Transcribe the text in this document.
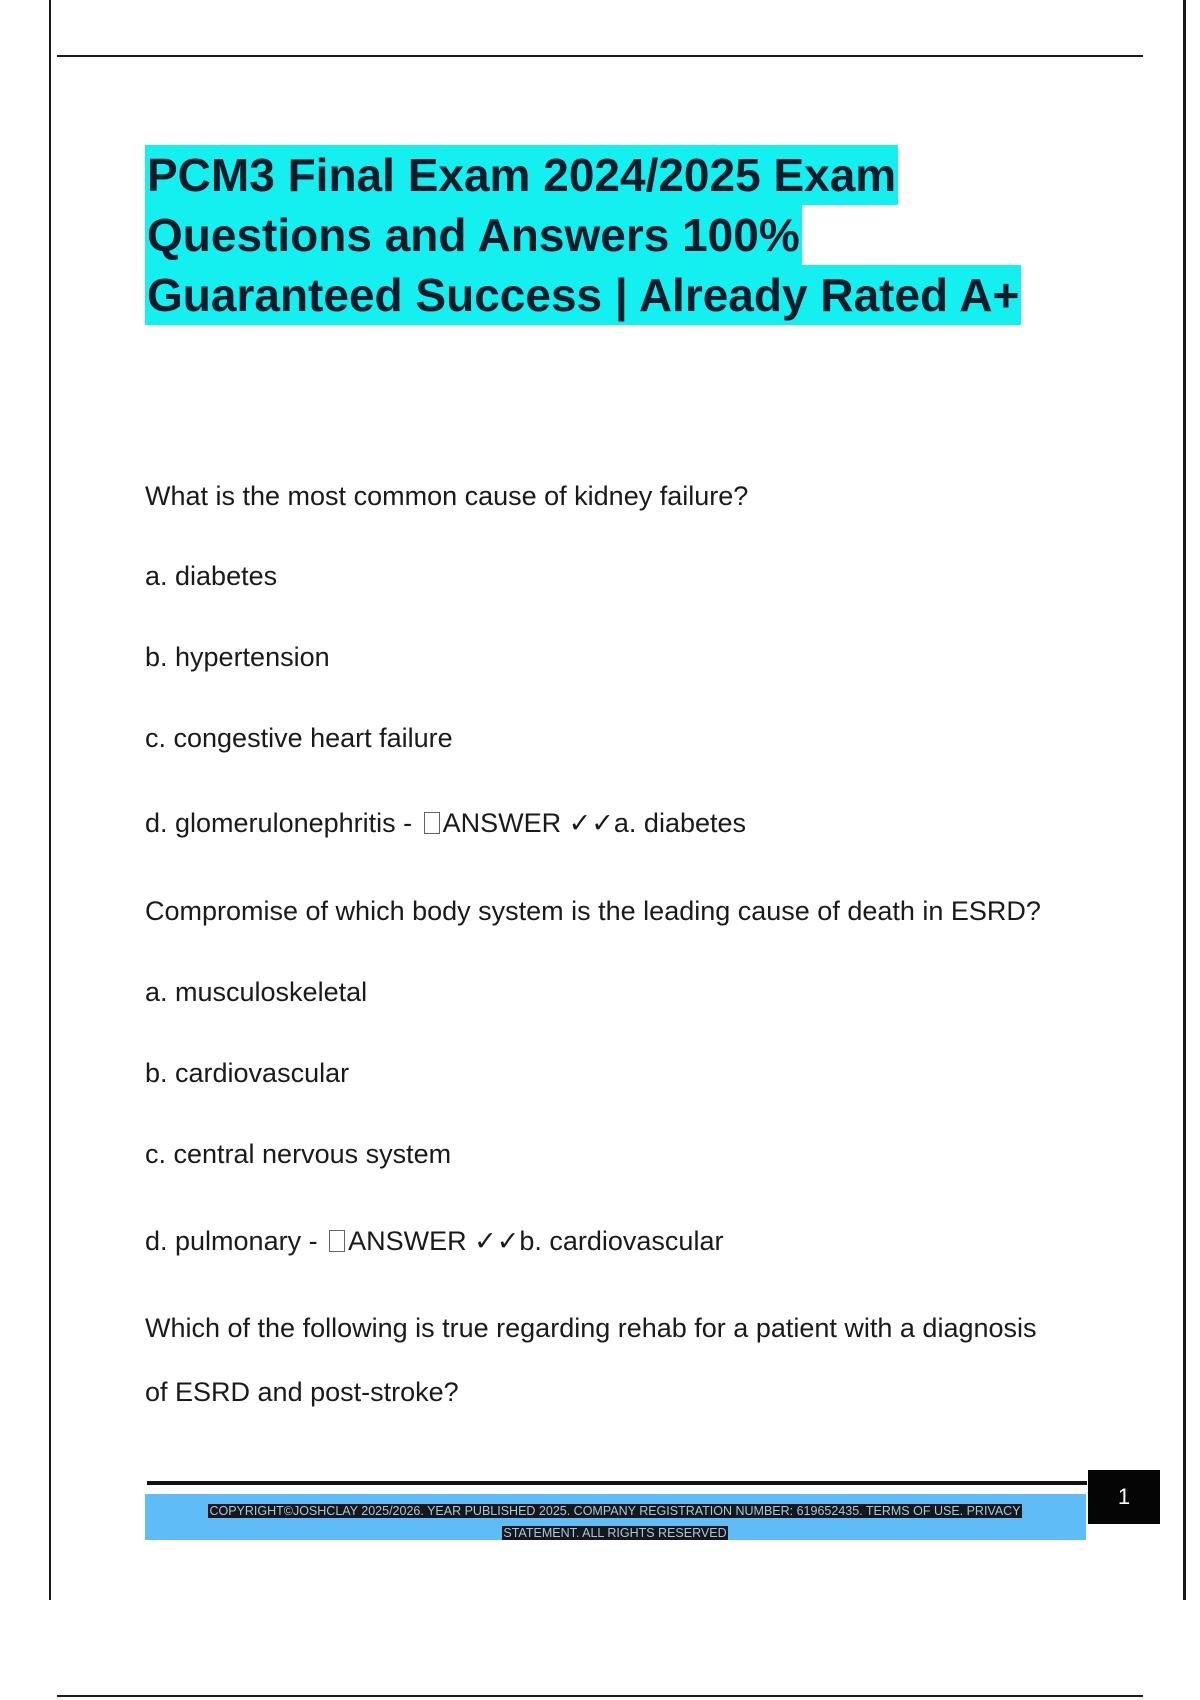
PCM3 Final Exam 2024/2025 Exam
Questions and Answers 100%
Guaranteed Success | Already Rated A+
What is the most common cause of kidney failure?
a. diabetes
b. hypertension
c. congestive heart failure
d. glomerulonephritis - ANSWER ✓✓a. diabetes
Compromise of which body system is the leading cause of death in ESRD?
a. musculoskeletal
b. cardiovascular
c. central nervous system
d. pulmonary - ANSWER ✓✓b. cardiovascular
Which of the following is true regarding rehab for a patient with a diagnosis
of ESRD and post-stroke?
COPYRIGHT©JOSHCLAY 2025/2026. YEAR PUBLISHED 2025. COMPANY REGISTRATION NUMBER: 619652435. TERMS OF USE. PRIVACY
STATEMENT. ALL RIGHTS RESERVED
1
